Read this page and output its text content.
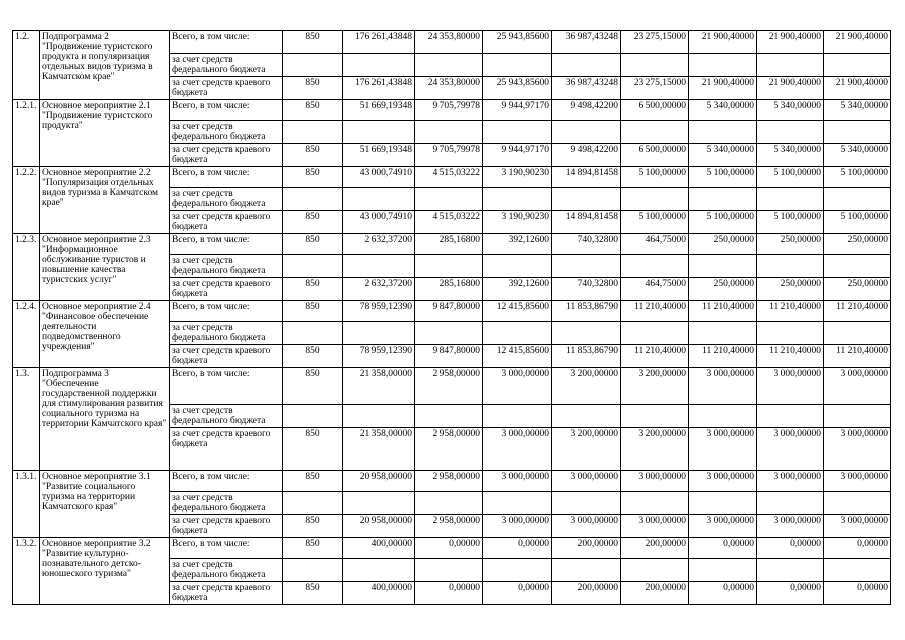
1.2.	Подпрограмма 2 "Продвижение туристского продукта и популяризация отдельных видов туризма в Камчатском крае"	Всего, в том числе:	850	176 261,43848	24 353,80000	25 943,85600	36 987,43248	23 275,15000	21 900,40000	21 900,40000	21 900,40000
		за счет средств федерального бюджета									
		за счет средств краевого бюджета	850	176 261,43848	24 353,80000	25 943,85600	36 987,43248	23 275,15000	21 900,40000	21 900,40000	21 900,40000
1.2.1.	Основное мероприятие 2.1 "Продвижение туристского продукта"	Всего, в том числе:	850	51 669,19348	9 705,79978	9 944,97170	9 498,42200	6 500,00000	5 340,00000	5 340,00000	5 340,00000
		за счет средств федерального бюджета									
		за счет средств краевого бюджета	850	51 669,19348	9 705,79978	9 944,97170	9 498,42200	6 500,00000	5 340,00000	5 340,00000	5 340,00000
1.2.2.	Основное мероприятие 2.2 "Популяризация отдельных видов туризма в Камчатском крае"	Всего, в том числе:	850	43 000,74910	4 515,03222	3 190,90230	14 894,81458	5 100,00000	5 100,00000	5 100,00000	5 100,00000
		за счет средств федерального бюджета									
		за счет средств краевого бюджета	850	43 000,74910	4 515,03222	3 190,90230	14 894,81458	5 100,00000	5 100,00000	5 100,00000	5 100,00000
1.2.3.	Основное мероприятие 2.3 "Информационное обслуживание туристов и повышение качества туристских услуг"	Всего, в том числе:	850	2 632,37200	285,16800	392,12600	740,32800	464,75000	250,00000	250,00000	250,00000
		за счет средств федерального бюджета									
		за счет средств краевого бюджета	850	2 632,37200	285,16800	392,12600	740,32800	464,75000	250,00000	250,00000	250,00000
1.2.4.	Основное мероприятие 2.4 "Финансовое обеспечение деятельности подведомственного учреждения"	Всего, в том числе:	850	78 959,12390	9 847,80000	12 415,85600	11 853,86790	11 210,40000	11 210,40000	11 210,40000	11 210,40000
		за счет средств федерального бюджета									
		за счет средств краевого бюджета	850	78 959,12390	9 847,80000	12 415,85600	11 853,86790	11 210,40000	11 210,40000	11 210,40000	11 210,40000
1.3.	Подпрограмма 3 "Обеспечение государственной поддержки для стимулирования развития социального туризма на территории Камчатского края"	Всего, в том числе:	850	21 358,00000	2 958,00000	3 000,00000	3 200,00000	3 200,00000	3 000,00000	3 000,00000	3 000,00000
		за счет средств федерального бюджета									
		за счет средств краевого бюджета	850	21 358,00000	2 958,00000	3 000,00000	3 200,00000	3 200,00000	3 000,00000	3 000,00000	3 000,00000
1.3.1.	Основное мероприятие 3.1 "Развитие социального туризма на территории Камчатского края"	Всего, в том числе:	850	20 958,00000	2 958,00000	3 000,00000	3 000,00000	3 000,00000	3 000,00000	3 000,00000	3 000,00000
		за счет средств федерального бюджета									
		за счет средств краевого бюджета	850	20 958,00000	2 958,00000	3 000,00000	3 000,00000	3 000,00000	3 000,00000	3 000,00000	3 000,00000
1.3.2.	Основное мероприятие 3.2 "Развитие культурно-познавательного детско-юношеского туризма"	Всего, в том числе:	850	400,00000	0,00000	0,00000	200,00000	200,00000	0,00000	0,00000	0,00000
		за счет средств федерального бюджета									
		за счет средств краевого бюджета	850	400,00000	0,00000	0,00000	200,00000	200,00000	0,00000	0,00000	0,00000
